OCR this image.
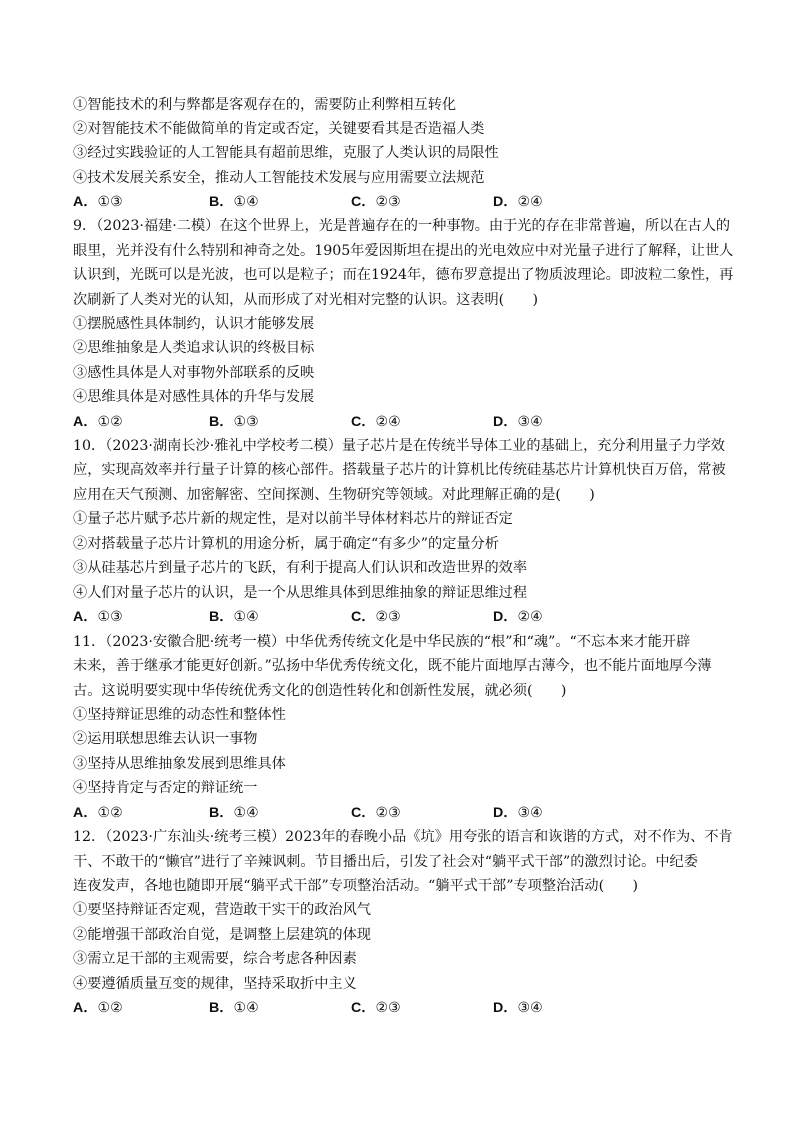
①智能技术的利与弊都是客观存在的，需要防止利弊相互转化
②对智能技术不能做简单的肯定或否定，关键要看其是否造福人类
③经过实践验证的人工智能具有超前思维，克服了人类认识的局限性
④技术发展关系安全，推动人工智能技术发展与应用需要立法规范
A．①③	B．①④	C．②③	D．②④
9．（2023·福建·二模）在这个世界上，光是普遍存在的一种事物。由于光的存在非常普遍，所以在古人的
眼里，光并没有什么特别和神奇之处。1905年爱因斯坦在提出的光电效应中对光量子进行了解释，让世人
认识到，光既可以是光波，也可以是粒子；而在1924年，德布罗意提出了物质波理论。即波粒二象性，再
次刷新了人类对光的认知，从而形成了对光相对完整的认识。这表明(　　)
①摆脱感性具体制约，认识才能够发展
②思维抽象是人类追求认识的终极目标
③感性具体是人对事物外部联系的反映
④思维具体是对感性具体的升华与发展
A．①②	B．①③	C．②④	D．③④
10．（2023·湖南长沙·雅礼中学校考二模）量子芯片是在传统半导体工业的基础上，充分利用量子力学效
应，实现高效率并行量子计算的核心部件。搭载量子芯片的计算机比传统硅基芯片计算机快百万倍，常被
应用在天气预测、加密解密、空间探测、生物研究等领域。对此理解正确的是(　　)
①量子芯片赋予芯片新的规定性，是对以前半导体材料芯片的辩证否定
②对搭载量子芯片计算机的用途分析，属于确定“有多少”的定量分析
③从硅基芯片到量子芯片的飞跃，有利于提高人们认识和改造世界的效率
④人们对量子芯片的认识，是一个从思维具体到思维抽象的辩证思维过程
A．①③	B．①④	C．②③	D．②④
11．（2023·安徽合肥·统考一模）中华优秀传统文化是中华民族的“根”和“魂”。“不忘本来才能开辟
未来，善于继承才能更好创新。”弘扬中华优秀传统文化，既不能片面地厚古薄今，也不能片面地厚今薄
古。这说明要实现中华传统优秀文化的创造性转化和创新性发展，就必须(　　)
①坚持辩证思维的动态性和整体性
②运用联想思维去认识一事物
③坚持从思维抽象发展到思维具体
④坚持肯定与否定的辩证统一
A．①②	B．①④	C．②③	D．③④
12．（2023·广东汕头·统考三模）2023年的春晚小品《坑》用夸张的语言和诙谐的方式，对不作为、不肯
干、不敢干的“懒官”进行了辛辣讽刺。节目播出后，引发了社会对“躺平式干部”的激烈讨论。中纪委
连夜发声，各地也随即开展“躺平式干部”专项整治活动。“躺平式干部”专项整治活动(　　)
①要坚持辩证否定观，营造敢干实干的政治风气
②能增强干部政治自觉，是调整上层建筑的体现
③需立足干部的主观需要，综合考虑各种因素
④要遵循质量互变的规律，坚持采取折中主义
A．①②	B．①④	C．②③	D．③④
